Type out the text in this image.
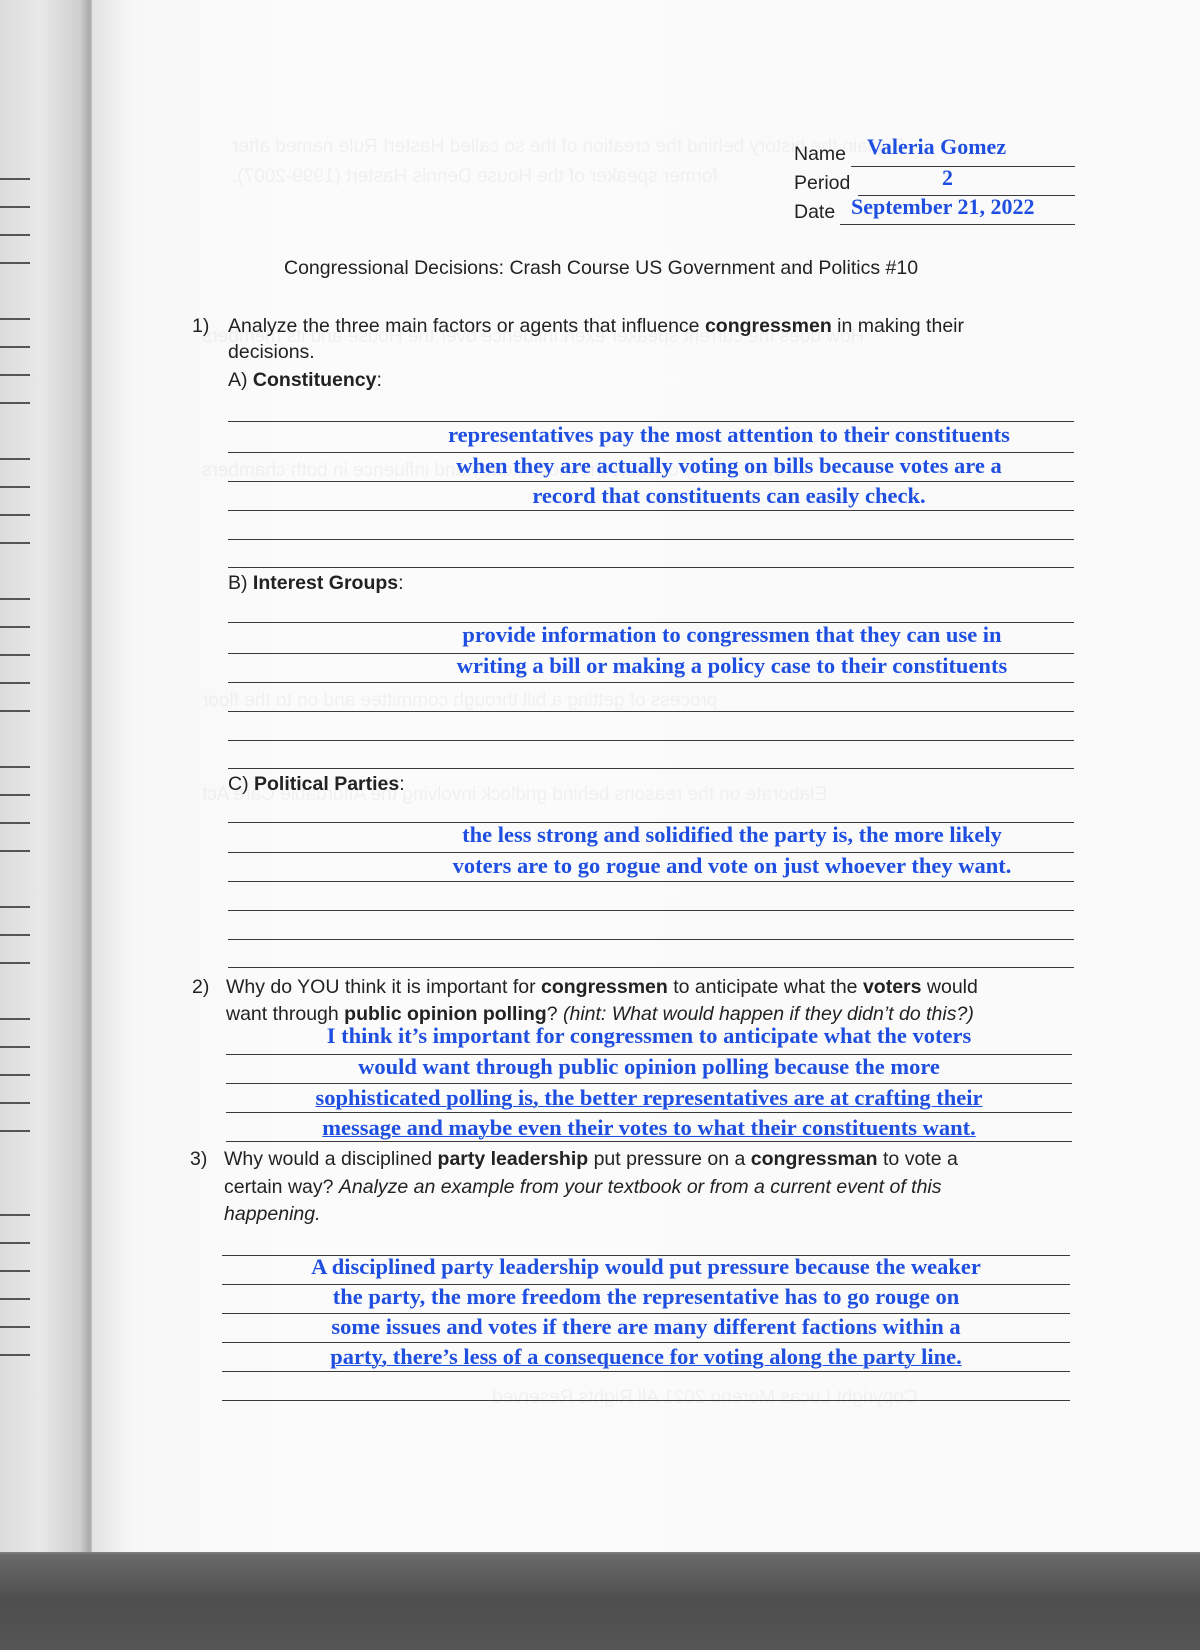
Name Valeria Gomez
Period	2
Date September 21, 2022
Congressional Decisions: Crash Course US Government and Politics #10
1) Analyze the three main factors or agents that influence congressmen in making their
decisions.
A) Constituency:
representatives pay the most attention to their constituents
when they are actually voting on bills because votes are a
record that constituents can easily check.
B) Interest Groups:
provide information to congressmen that they can use in
writing a bill or making a policy case to their constituents
C) Political Parties:
the less strong and solidified the party is, the more likely
voters are to go rogue and vote on just whoever they want.
2) Why do YOU think it is important for congressmen to anticipate what the voters would
want through public opinion polling? (hint: What would happen if they didn’t do this?)
I think it’s important for congressmen to anticipate what the voters
would want through public opinion polling because the more
sophisticated polling is, the better representatives are at crafting their
message and maybe even their votes to what their constituents want.
3) Why would a disciplined party leadership put pressure on a congressman to vote a
certain way? Analyze an example from your textbook or from a current event of this
happening.
A disciplined party leadership would put pressure because the weaker
the party, the more freedom the representative has to go rouge on
some issues and votes if there are many different factions within a
party, there’s less of a consequence for voting along the party line.
